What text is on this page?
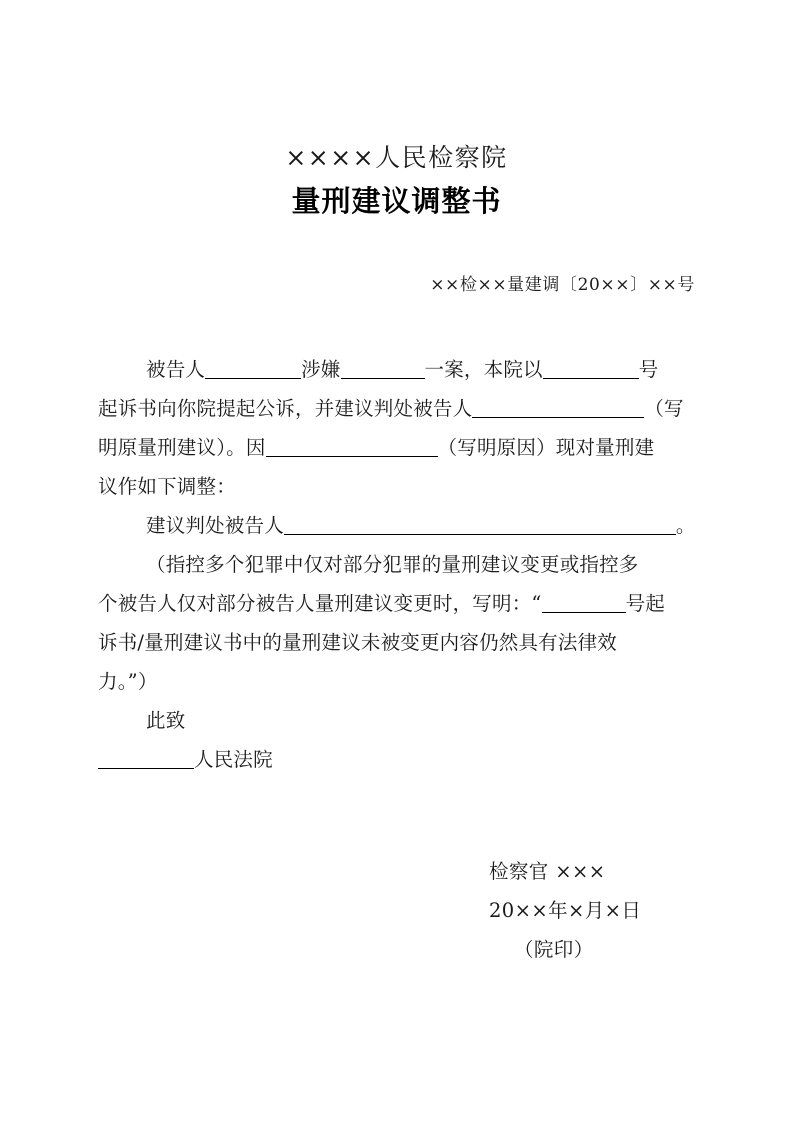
××××人民检察院
量刑建议调整书
××检××量建调〔20××〕××号
被告人	涉嫌	一案，本院以	号
起诉书向你院提起公诉，并建议判处被告人	（写
明原量刑建议）。因	（写明原因）现对量刑建
议作如下调整：
建议判处被告人	。
（指控多个犯罪中仅对部分犯罪的量刑建议变更或指控多
个被告人仅对部分被告人量刑建议变更时，写明：“	号起
诉书/量刑建议书中的量刑建议未被变更内容仍然具有法律效
力。”）
此致
人民法院
检察官 ×××
20××年×月×日
（院印）
